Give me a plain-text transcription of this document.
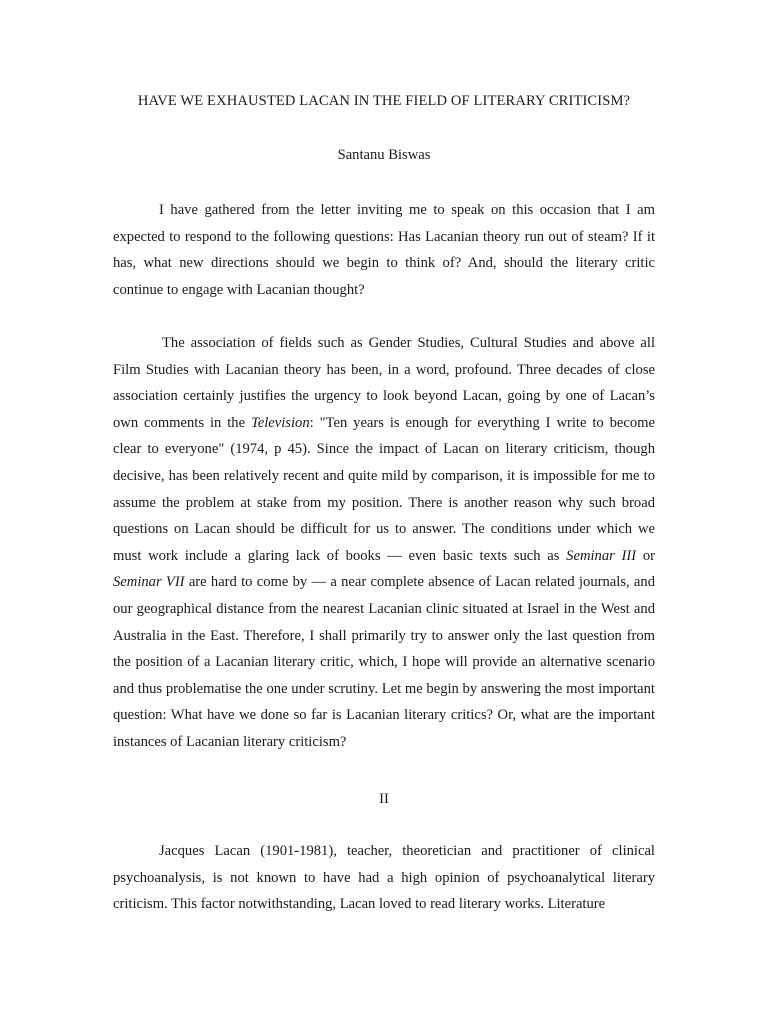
HAVE WE EXHAUSTED LACAN IN THE FIELD OF LITERARY CRITICISM?
Santanu Biswas

I have gathered from the letter inviting me to speak on this occasion that I am expected to respond to the following questions: Has Lacanian theory run out of steam? If it has, what new directions should we begin to think of? And, should the literary critic continue to engage with Lacanian thought?

The association of fields such as Gender Studies, Cultural Studies and above all Film Studies with Lacanian theory has been, in a word, profound. Three decades of close association certainly justifies the urgency to look beyond Lacan, going by one of Lacan’s own comments in the Television: "Ten years is enough for everything I write to become clear to everyone" (1974, p 45). Since the impact of Lacan on literary criticism, though decisive, has been relatively recent and quite mild by comparison, it is impossible for me to assume the problem at stake from my position. There is another reason why such broad questions on Lacan should be difficult for us to answer. The conditions under which we must work include a glaring lack of books — even basic texts such as Seminar III or Seminar VII are hard to come by — a near complete absence of Lacan related journals, and our geographical distance from the nearest Lacanian clinic situated at Israel in the West and Australia in the East. Therefore, I shall primarily try to answer only the last question from the position of a Lacanian literary critic, which, I hope will provide an alternative scenario and thus problematise the one under scrutiny. Let me begin by answering the most important question: What have we done so far is Lacanian literary critics? Or, what are the important instances of Lacanian literary criticism?

II

Jacques Lacan (1901-1981), teacher, theoretician and practitioner of clinical psychoanalysis, is not known to have had a high opinion of psychoanalytical literary criticism. This factor notwithstanding, Lacan loved to read literary works. Literature
